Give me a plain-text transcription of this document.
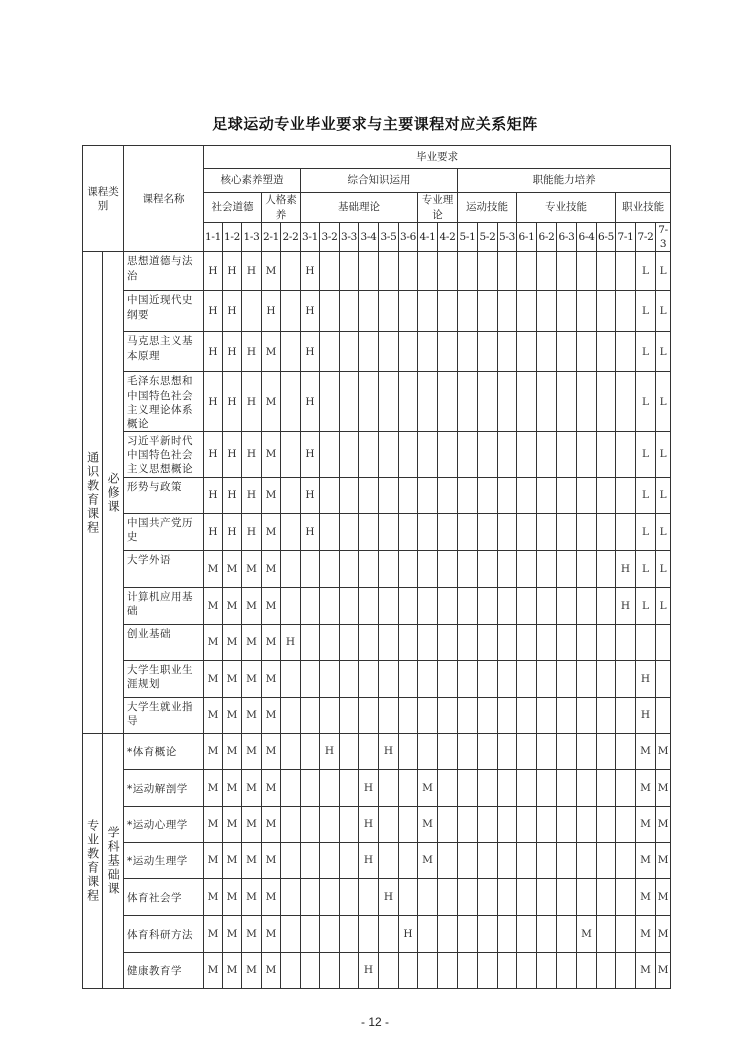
足球运动专业毕业要求与主要课程对应关系矩阵
课程类别		课程名称	毕业要求																							
			核心素养塑造					综合知识运用								职能能力培养										
			社会道德			人格素养		基础理论						专业理论		运动技能			专业技能					职业技能		
			1-1	1-2	1-3	2-1	2-2	3-1	3-2	3-3	3-4	3-5	3-6	4-1	4-2	5-1	5-2	5-3	6-1	6-2	6-3	6-4	6-5	7-1	7-2	7-3

通识教育课程	必修课	思想道德与法治	H	H	H	M		H																	L	L
		中国近现代史纲要	H	H		H		H																	L	L
		马克思主义基本原理	H	H	H	M		H																	L	L
		毛泽东思想和中国特色社会主义理论体系概论	H	H	H	M		H																	L	L
		习近平新时代中国特色社会主义思想概论	H	H	H	M		H																	L	L
		形势与政策	H	H	H	M		H																	L	L
		中国共产党历史	H	H	H	M		H																	L	L
		大学外语	M	M	M	M																		H	L	L
		计算机应用基础	M	M	M	M																		H	L	L
		创业基础	M	M	M	M	H																			
		大学生职业生涯规划	M	M	M	M																			H	
		大学生就业指导	M	M	M	M																			H	

专业教育课程	学科基础课	*体育概论	M	M	M	M			H			H													M	M
		*运动解剖学	M	M	M	M					H			M											M	M
		*运动心理学	M	M	M	M					H			M											M	M
		*运动生理学	M	M	M	M					H			M											M	M
		体育社会学	M	M	M	M						H													M	M
		体育科研方法	M	M	M	M							H									M			M	M
		健康教育学	M	M	M	M					H														M	M
- 12 -
